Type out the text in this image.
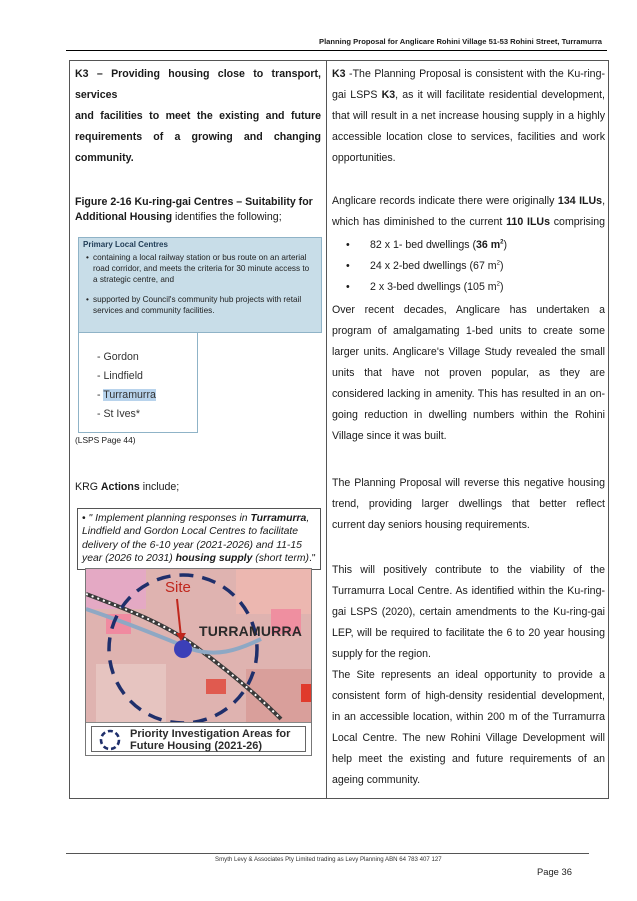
Planning Proposal for Anglicare Rohini Village 51-53 Rohini Street, Turramurra
K3 – Providing housing close to transport, services
and facilities to meet the existing and future
requirements of a growing and changing
community.
Figure 2-16 Ku-ring-gai Centres – Suitability for
Additional Housing identifies the following;
Primary Local Centres
• containing a local railway station or bus route on an arterial road corridor, and meets the criteria for 30 minute access to a strategic centre, and
• supported by Council's community hub projects with retail services and community facilities.
- Gordon
- Lindfield
- Turramurra
- St Ives*
(LSPS Page 44)
KRG Actions include;
• " Implement planning responses in Turramurra, Lindfield and Gordon Local Centres to facilitate delivery of the 6-10 year (2021-2026) and 11-15 year (2026 to 2031) housing supply (short term)."
Site
TURRAMURRA
Priority Investigation Areas for
Future Housing (2021-26)
K3 -The Planning Proposal is consistent with the Ku-ring-
gai LSPS K3, as it will facilitate residential development,
that will result in a net increase housing supply in a highly
accessible location close to services, facilities and work
opportunities.
Anglicare records indicate there were originally 134 ILUs,
which has diminished to the current 110 ILUs comprising
• 82 x 1- bed dwellings (36 $m^2$)
• 24 x 2-bed dwellings (67 $m^2$)
• 2 x 3-bed dwellings (105 $m^2$)
Over recent decades, Anglicare has undertaken a
program of amalgamating 1-bed units to create some
larger units. Anglicare's Village Study revealed the small
units that have not proven popular, as they are
considered lacking in amenity. This has resulted in an on-
going reduction in dwelling numbers within the Rohini
Village since it was built.
The Planning Proposal will reverse this negative housing
trend, providing larger dwellings that better reflect
current day seniors housing requirements.
This will positively contribute to the viability of the
Turramurra Local Centre. As identified within the Ku-ring-
gai LSPS (2020), certain amendments to the Ku-ring-gai
LEP, will be required to facilitate the 6 to 20 year housing
supply for the region.
The Site represents an ideal opportunity to provide a
consistent form of high-density residential development,
in an accessible location, within 200 m of the Turramurra
Local Centre. The new Rohini Village Development will
help meet the existing and future requirements of an
ageing community.
Smyth Levy & Associates Pty Limited trading as Levy Planning ABN 64 783 407 127
Page 36
